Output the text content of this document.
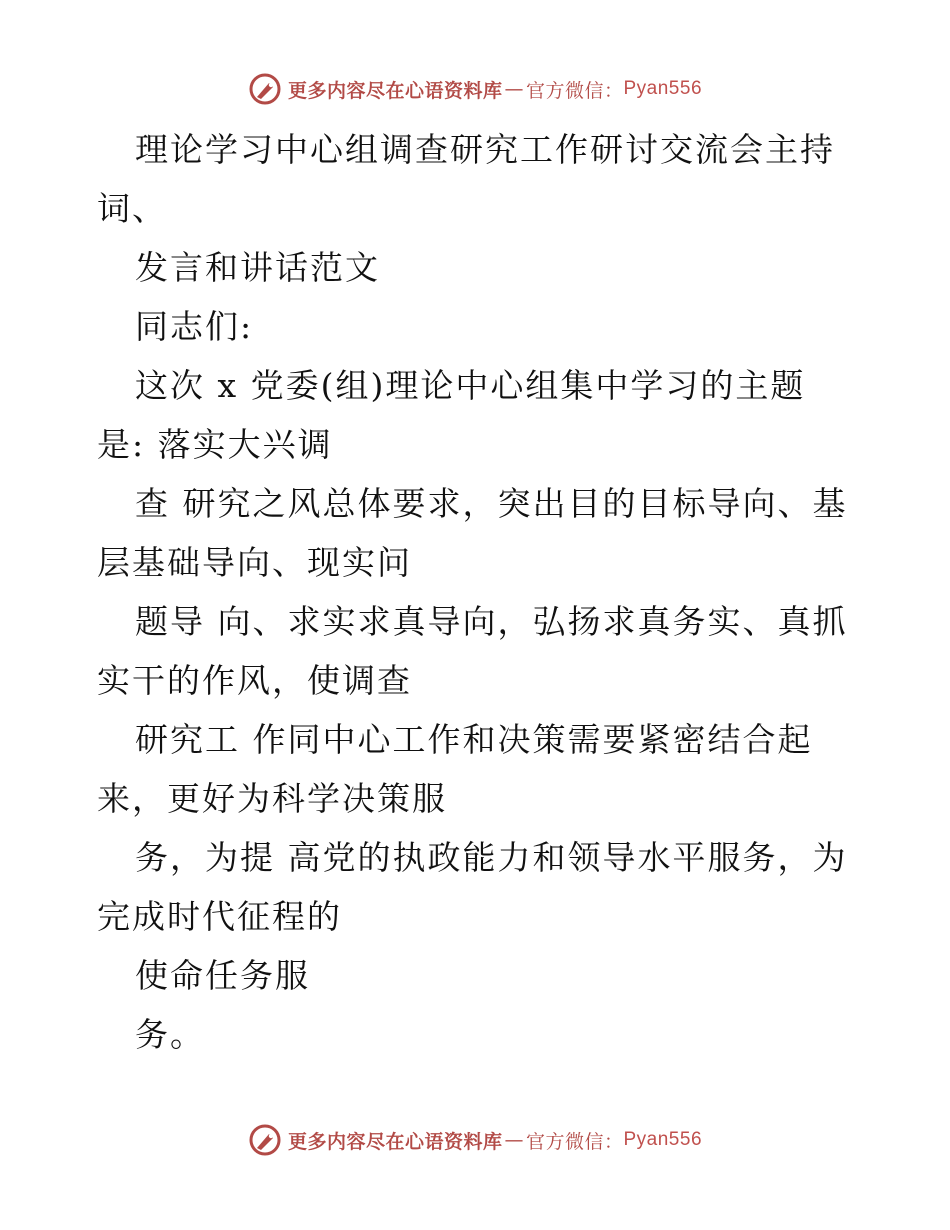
更多内容尽在心语资料库 — 官方微信： Pyan556
理论学习中心组调查研究工作研讨交流会主持
词、
发言和讲话范文
同志们:
这次 x 党委(组)理论中心组集中学习的主题
是: 落实大兴调
查 研究之风总体要求，突出目的目标导向、基
层基础导向、现实问
题导 向、求实求真导向，弘扬求真务实、真抓
实干的作风，使调查
研究工 作同中心工作和决策需要紧密结合起
来，更好为科学决策服
务，为提 高党的执政能力和领导水平服务，为
完成时代征程的
使命任务服
务。
更多内容尽在心语资料库 — 官方微信： Pyan556
